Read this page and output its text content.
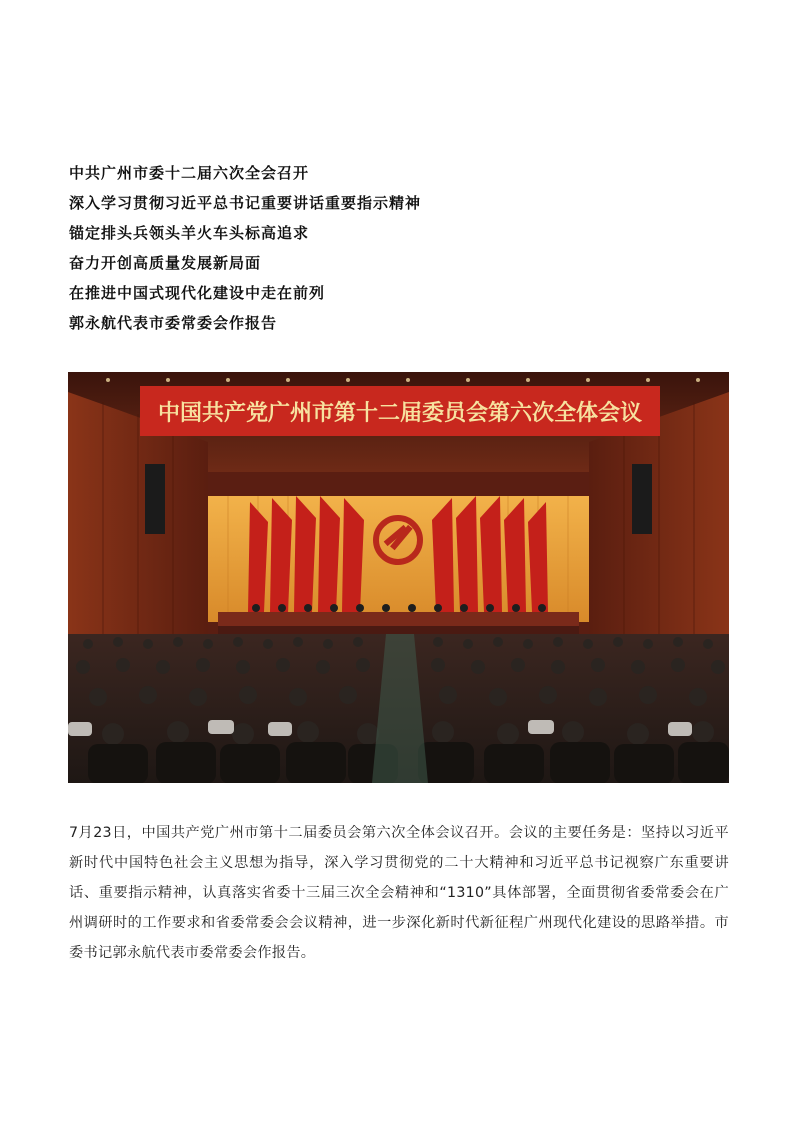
中共广州市委十二届六次全会召开
深入学习贯彻习近平总书记重要讲话重要指示精神
锚定排头兵领头羊火车头标高追求
奋力开创高质量发展新局面
在推进中国式现代化建设中走在前列
郭永航代表市委常委会作报告
中国共产党广州市第十二届委员会第六次全体会议
7月23日，中国共产党广州市第十二届委员会第六次全体会议召开。会议的主要任务是：坚持以习近平新时代中国特色社会主义思想为指导，深入学习贯彻党的二十大精神和习近平总书记视察广东重要讲话、重要指示精神，认真落实省委十三届三次全会精神和“1310”具体部署，全面贯彻省委常委会在广州调研时的工作要求和省委常委会会议精神，进一步深化新时代新征程广州现代化建设的思路举措。市委书记郭永航代表市委常委会作报告。
